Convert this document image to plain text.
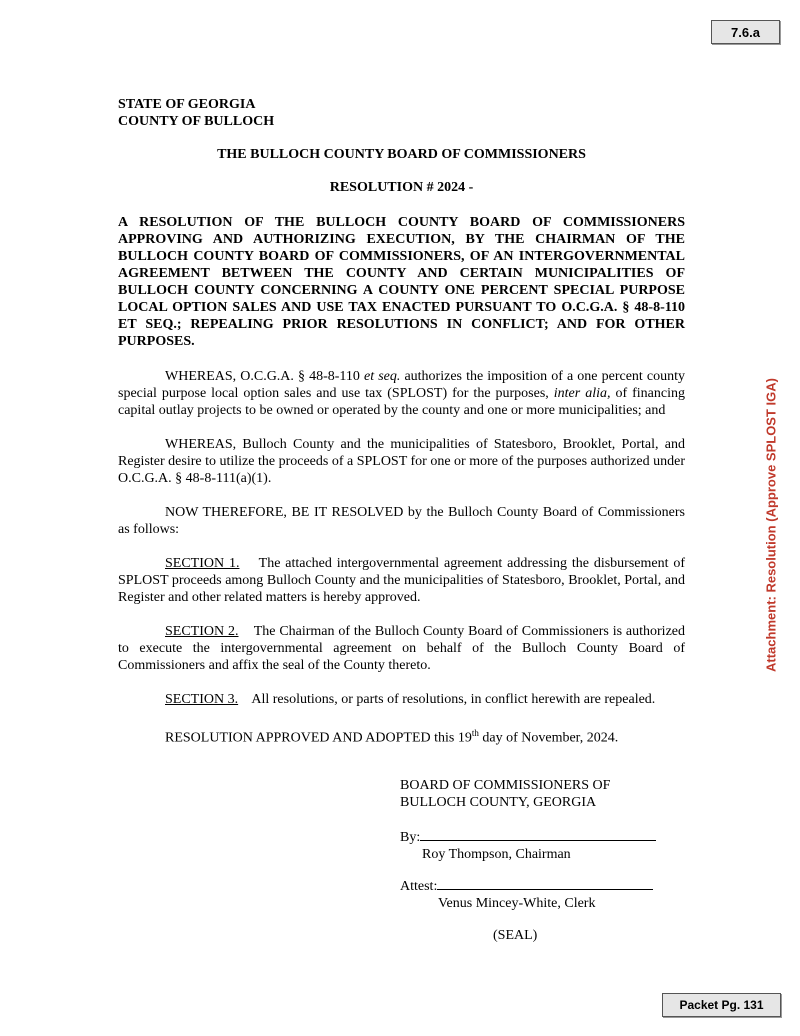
7.6.a
Attachment: Resolution (Approve SPLOST IGA)

STATE OF GEORGIA

COUNTY OF BULLOCH

THE BULLOCH COUNTY BOARD OF COMMISSIONERS

RESOLUTION # 2024 -

A RESOLUTION OF THE BULLOCH COUNTY BOARD OF COMMISSIONERS APPROVING AND AUTHORIZING EXECUTION, BY THE CHAIRMAN OF THE BULLOCH COUNTY BOARD OF COMMISSIONERS, OF AN INTERGOVERNMENTAL AGREEMENT BETWEEN THE COUNTY AND CERTAIN MUNICIPALITIES OF BULLOCH COUNTY CONCERNING A COUNTY ONE PERCENT SPECIAL PURPOSE LOCAL OPTION SALES AND USE TAX ENACTED PURSUANT TO O.C.G.A. § 48-8-110 ET SEQ.; REPEALING PRIOR RESOLUTIONS IN CONFLICT; AND FOR OTHER PURPOSES.

WHEREAS, O.C.G.A. § 48-8-110 et seq. authorizes the imposition of a one percent county special purpose local option sales and use tax (SPLOST) for the purposes, inter alia, of financing capital outlay projects to be owned or operated by the county and one or more municipalities; and

WHEREAS, Bulloch County and the municipalities of Statesboro, Brooklet, Portal, and Register desire to utilize the proceeds of a SPLOST for one or more of the purposes authorized under O.C.G.A. § 48-8-111(a)(1).

NOW THEREFORE, BE IT RESOLVED by the Bulloch County Board of Commissioners as follows:

SECTION 1. The attached intergovernmental agreement addressing the disbursement of SPLOST proceeds among Bulloch County and the municipalities of Statesboro, Brooklet, Portal, and Register and other related matters is hereby approved.

SECTION 2. The Chairman of the Bulloch County Board of Commissioners is authorized to execute the intergovernmental agreement on behalf of the Bulloch County Board of Commissioners and affix the seal of the County thereto.

SECTION 3. All resolutions, or parts of resolutions, in conflict herewith are repealed.

RESOLUTION APPROVED AND ADOPTED this 19th day of November, 2024.

BOARD OF COMMISSIONERS OF

BULLOCH COUNTY, GEORGIA

By:

Roy Thompson, Chairman

Attest:

Venus Mincey-White, Clerk

(SEAL)
Packet Pg. 131
